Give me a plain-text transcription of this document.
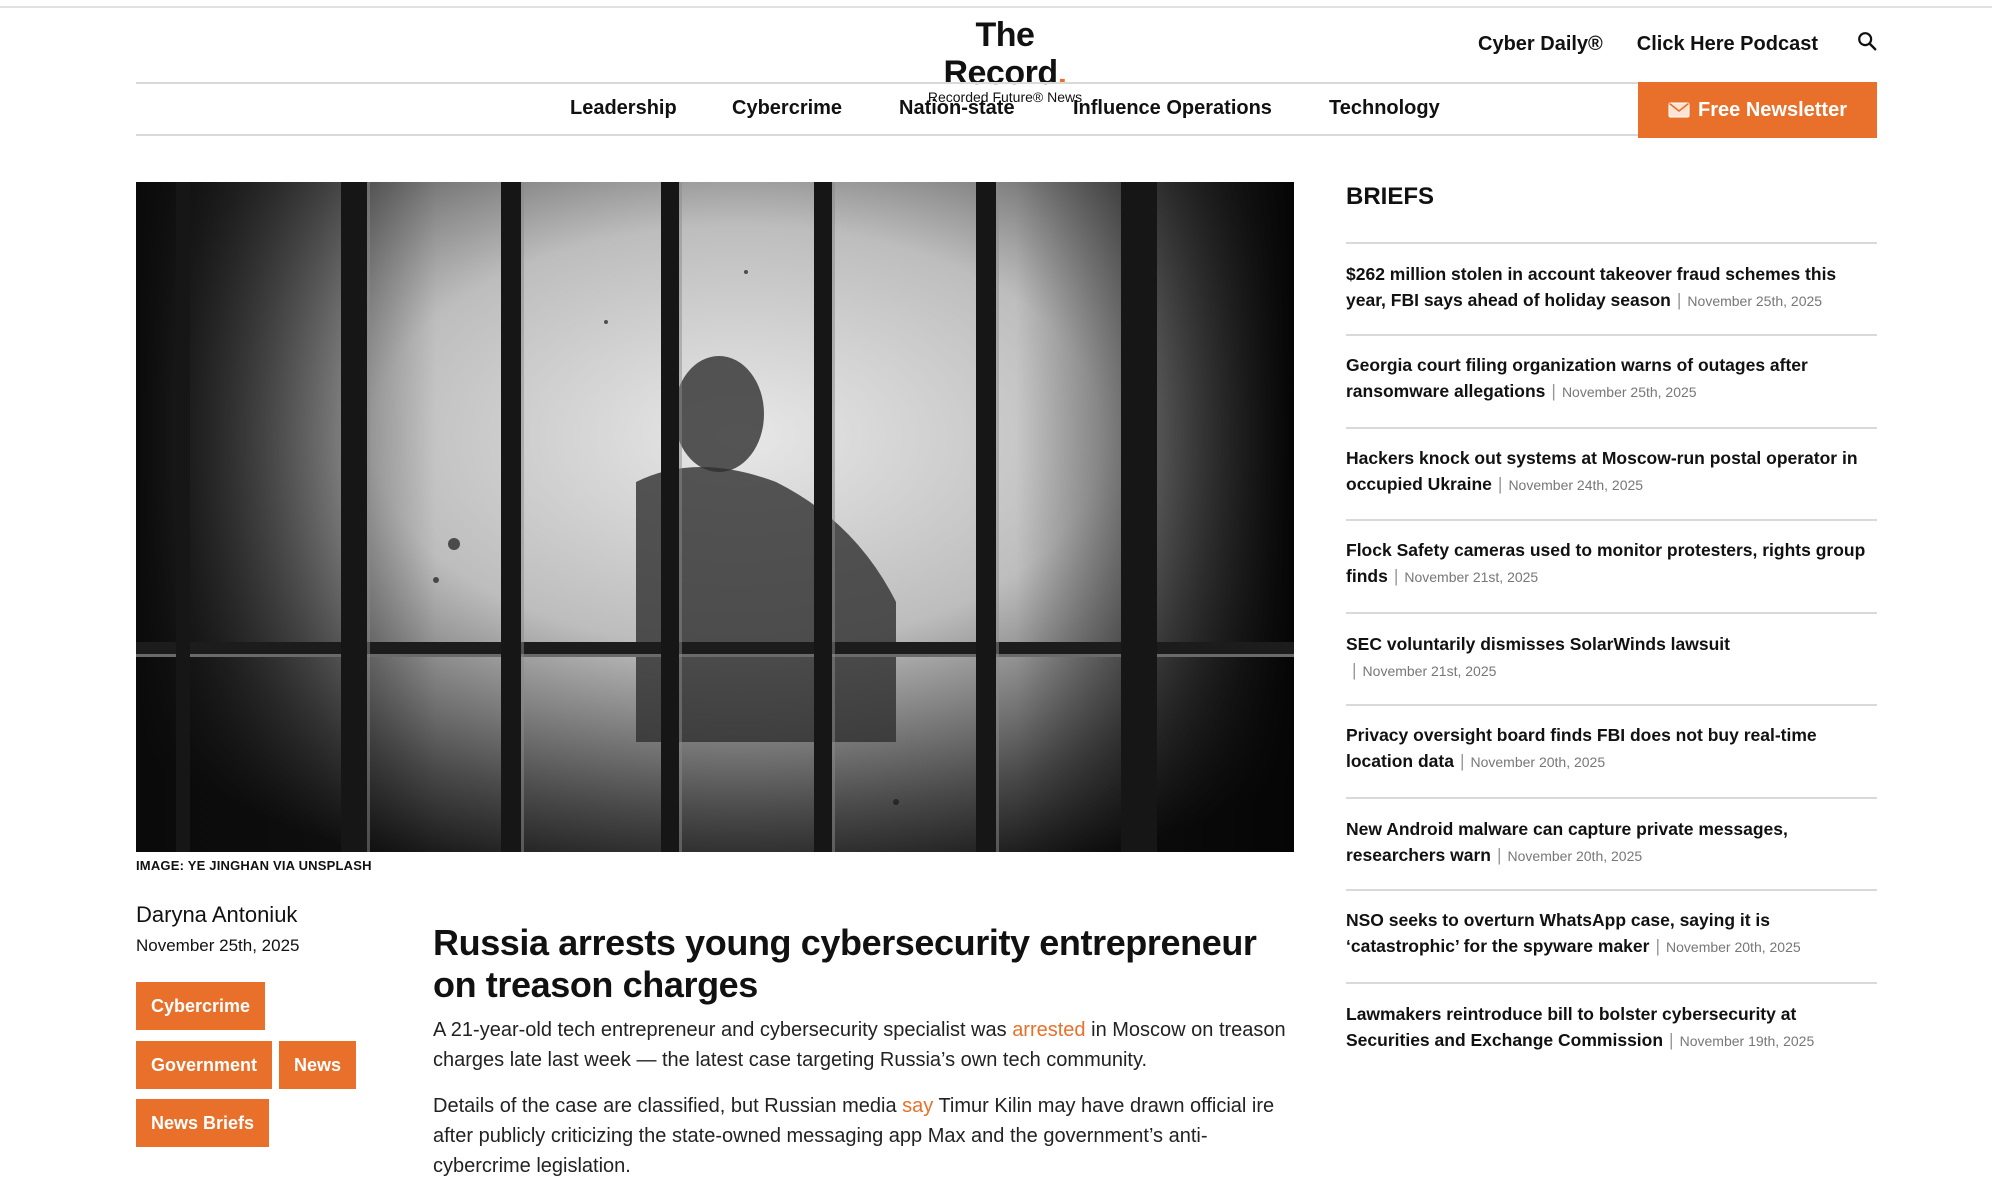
The Record.
Recorded Future® News
Cyber Daily® Click Here Podcast
Leadership	Cybercrime	Nation-state	Influence Operations	Technology	Free Newsletter
IMAGE: YE JINGHAN VIA UNSPLASH
Daryna Antoniuk
November 25th, 2025
Cybercrime
Government	News
News Briefs
Russia arrests young cybersecurity entrepreneur on treason charges

A 21-year-old tech entrepreneur and cybersecurity specialist was arrested in Moscow on treason charges late last week — the latest case targeting Russia’s own tech community.

Details of the case are classified, but Russian media say Timur Kilin may have drawn official ire after publicly criticizing the state-owned messaging app Max and the government’s anti-cybercrime legislation.

BRIEFS
$262 million stolen in account takeover fraud schemes this year, FBI says ahead of holiday season | November 25th, 2025
Georgia court filing organization warns of outages after ransomware allegations | November 25th, 2025
Hackers knock out systems at Moscow-run postal operator in occupied Ukraine | November 24th, 2025
Flock Safety cameras used to monitor protesters, rights group finds | November 21st, 2025
SEC voluntarily dismisses SolarWinds lawsuit
| November 21st, 2025
Privacy oversight board finds FBI does not buy real-time location data | November 20th, 2025
New Android malware can capture private messages, researchers warn | November 20th, 2025
NSO seeks to overturn WhatsApp case, saying it is ‘catastrophic’ for the spyware maker | November 20th, 2025
Lawmakers reintroduce bill to bolster cybersecurity at Securities and Exchange Commission | November 19th, 2025
